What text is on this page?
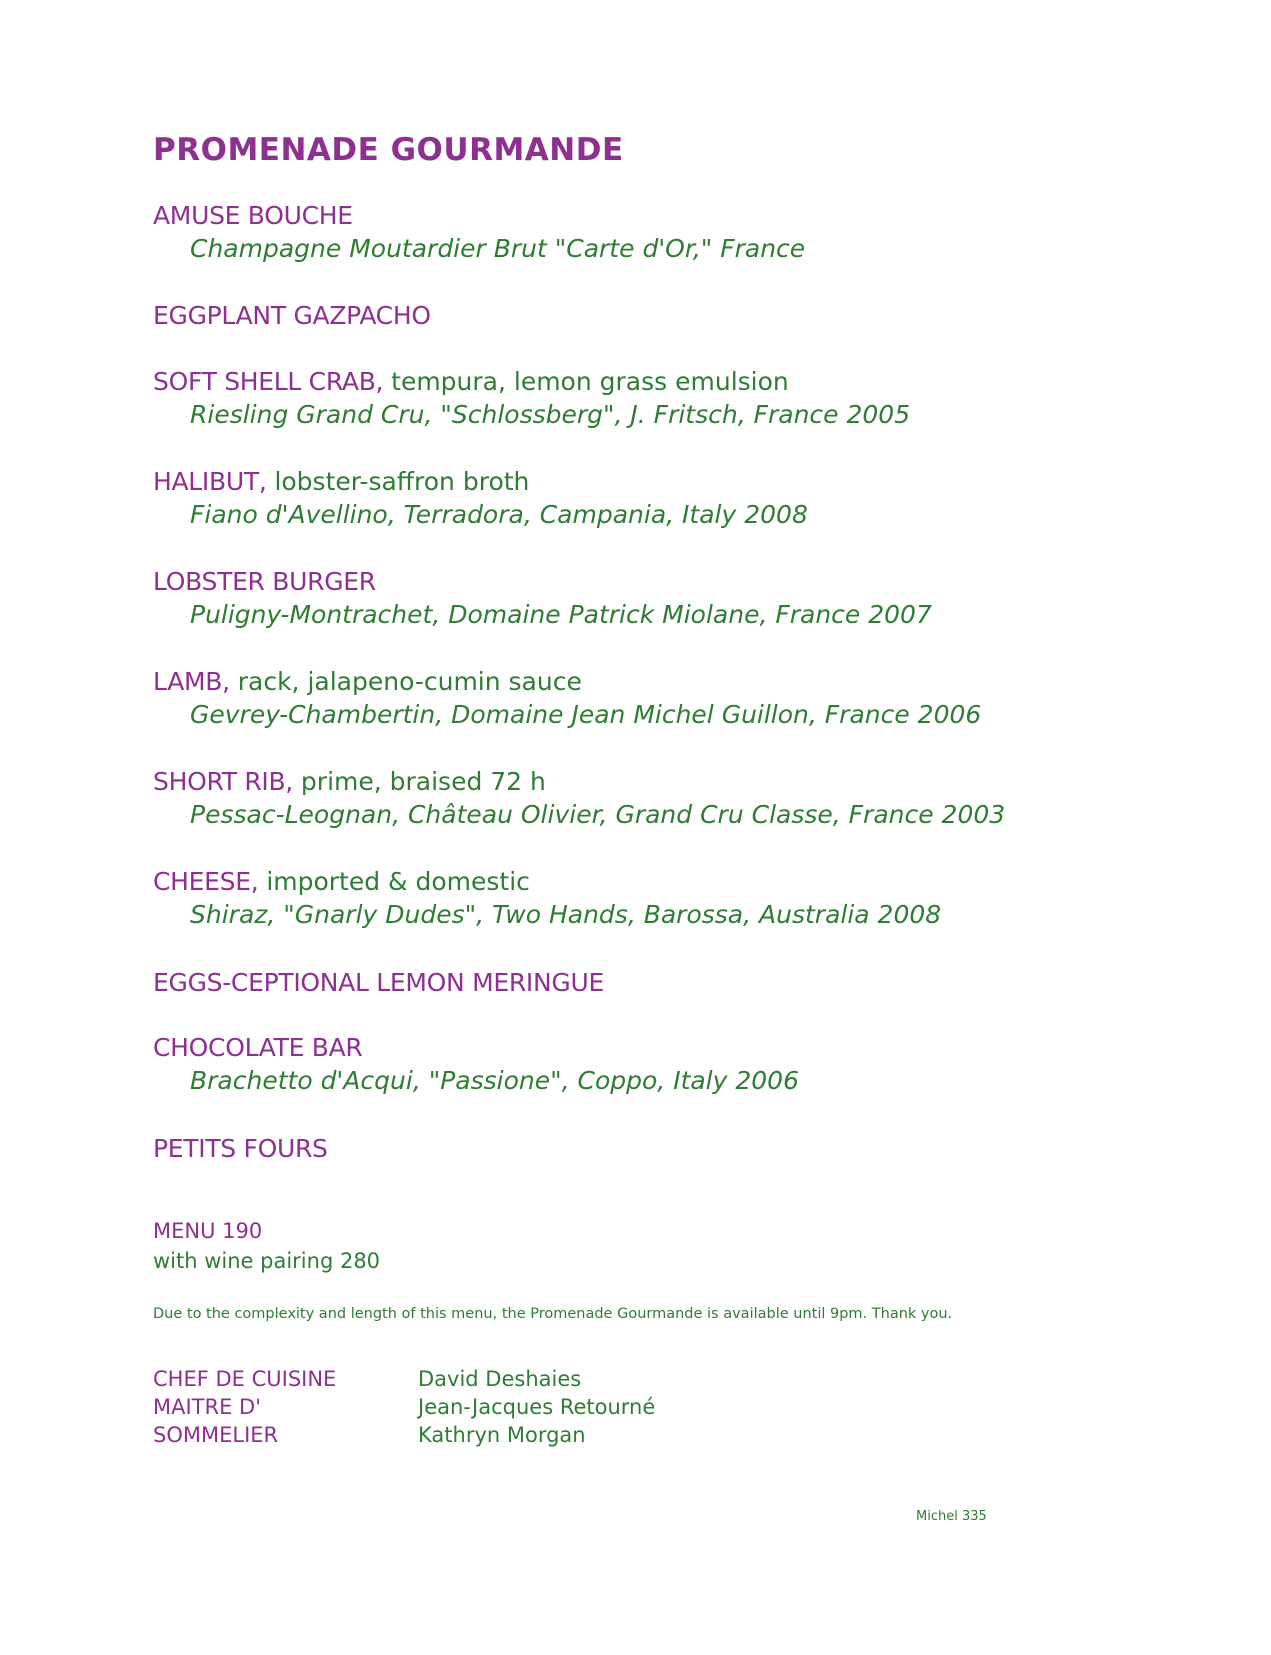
PROMENADE GOURMANDE
AMUSE BOUCHE
Champagne Moutardier Brut "Carte d'Or," France
EGGPLANT GAZPACHO
SOFT SHELL CRAB, tempura, lemon grass emulsion
Riesling Grand Cru, "Schlossberg", J. Fritsch, France 2005
HALIBUT, lobster-saffron broth
Fiano d'Avellino, Terradora, Campania, Italy 2008
LOBSTER BURGER
Puligny-Montrachet, Domaine Patrick Miolane, France 2007
LAMB, rack, jalapeno-cumin sauce
Gevrey-Chambertin, Domaine Jean Michel Guillon, France 2006
SHORT RIB, prime, braised 72 h
Pessac-Leognan, Château Olivier, Grand Cru Classe, France 2003
CHEESE, imported & domestic
Shiraz, "Gnarly Dudes", Two Hands, Barossa, Australia 2008
EGGS-CEPTIONAL LEMON MERINGUE
CHOCOLATE BAR
Brachetto d'Acqui, "Passione", Coppo, Italy 2006
PETITS FOURS
MENU 190
with wine pairing 280
Due to the complexity and length of this menu, the Promenade Gourmande is available until 9pm. Thank you.
CHEF DE CUISINE	David Deshaies
MAITRE D'	Jean-Jacques Retourné
SOMMELIER	Kathryn Morgan
Michel 335
